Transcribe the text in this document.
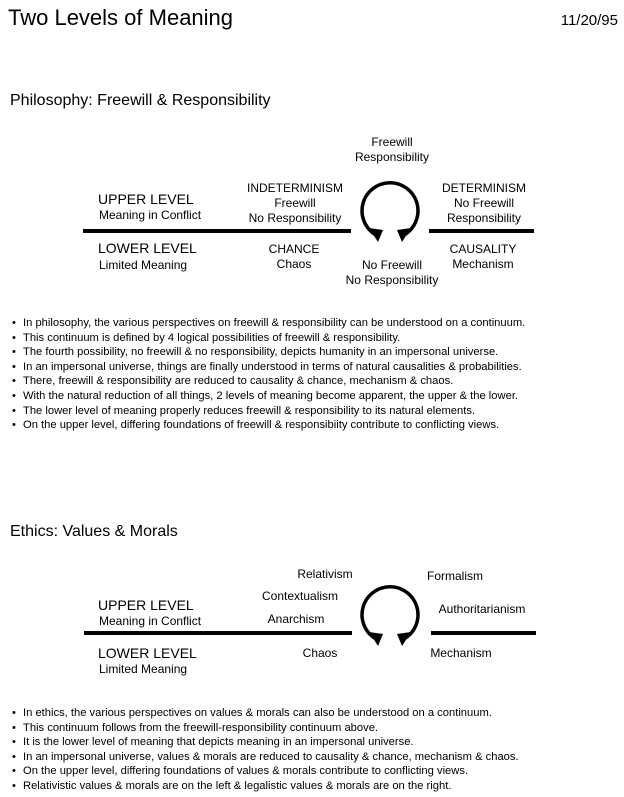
Two Levels of Meaning	11/20/95
Philosophy: Freewill & Responsibility
Freewill
Responsibility
UPPER LEVEL
Meaning in Conflict
INDETERMINISM
Freewill
No Responsibility
DETERMINISM
No Freewill
Responsibility
LOWER LEVEL
Limited Meaning
CHANCE
Chaos
CAUSALITY
Mechanism
No Freewill
No Responsibility
• In philosophy, the various perspectives on freewill & responsibility can be understood on a continuum.
• This continuum is defined by 4 logical possibilities of freewill & responsibility.
• The fourth possibility, no freewill & no responsibility, depicts humanity in an impersonal universe.
• In an impersonal universe, things are finally understood in terms of natural causalities & probabilities.
• There, freewill & responsibility are reduced to causality & chance, mechanism & chaos.
• With the natural reduction of all things, 2 levels of meaning become apparent, the upper & the lower.
• The lower level of meaning properly reduces freewill & responsibility to its natural elements.
• On the upper level, differing foundations of freewill & responsibiity contribute to conflicting views.
Ethics: Values & Morals
Relativism	Formalism
Contextualism
Authoritarianism
Anarchism
UPPER LEVEL
Meaning in Conflict
LOWER LEVEL
Limited Meaning
Chaos	Mechanism
• In ethics, the various perspectives on values & morals can also be understood on a continuum.
• This continuum follows from the freewill-responsibility continuum above.
• It is the lower level of meaning that depicts meaning in an impersonal universe.
• In an impersonal universe, values & morals are reduced to causality & chance, mechanism & chaos.
• On the upper level, differing foundations of values & morals contribute to conflicting views.
• Relativistic values & morals are on the left & legalistic values & morals are on the right.
